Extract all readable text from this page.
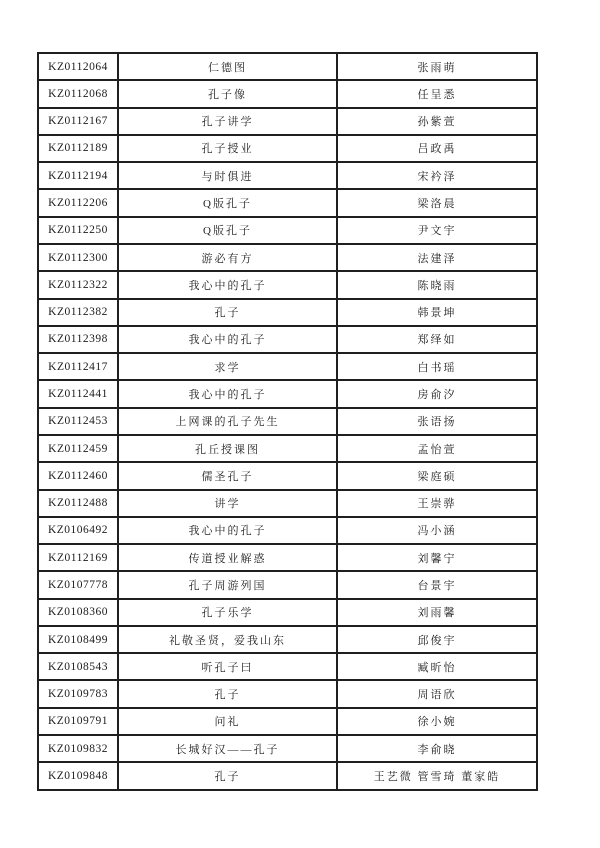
KZ0112064	仁德图	张雨萌
KZ0112068	孔子像	任呈悉
KZ0112167	孔子讲学	孙紫萱
KZ0112189	孔子授业	吕政禹
KZ0112194	与时俱进	宋衿泽
KZ0112206	Q版孔子	梁洛晨
KZ0112250	Q版孔子	尹文宇
KZ0112300	游必有方	法建泽
KZ0112322	我心中的孔子	陈晓雨
KZ0112382	孔子	韩景坤
KZ0112398	我心中的孔子	郑绎如
KZ0112417	求学	白书瑶
KZ0112441	我心中的孔子	房俞汐
KZ0112453	上网课的孔子先生	张语扬
KZ0112459	孔丘授课图	孟怡萱
KZ0112460	儒圣孔子	梁庭硕
KZ0112488	讲学	王崇骅
KZ0106492	我心中的孔子	冯小涵
KZ0112169	传道授业解惑	刘馨宁
KZ0107778	孔子周游列国	台景宇
KZ0108360	孔子乐学	刘雨馨
KZ0108499	礼敬圣贤，爱我山东	邱俊宇
KZ0108543	听孔子曰	臧昕怡
KZ0109783	孔子	周语欣
KZ0109791	问礼	徐小婉
KZ0109832	长城好汉——孔子	李俞晓
KZ0109848	孔子	王艺微 管雪琦 董家皓
